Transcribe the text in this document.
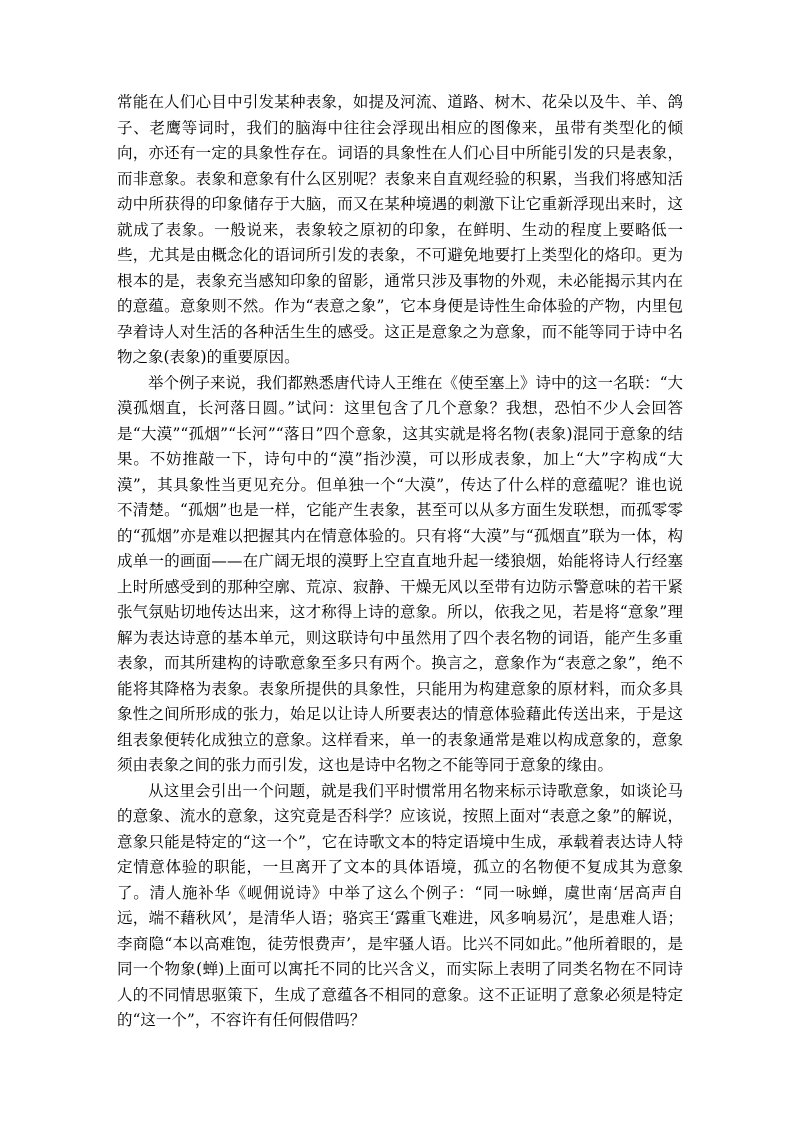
常能在人们心目中引发某种表象，如提及河流、道路、树木、花朵以及牛、羊、鸽子、老鹰等词时，我们的脑海中往往会浮现出相应的图像来，虽带有类型化的倾向，亦还有一定的具象性存在。词语的具象性在人们心目中所能引发的只是表象，而非意象。表象和意象有什么区别呢？表象来自直观经验的积累，当我们将感知活动中所获得的印象储存于大脑，而又在某种境遇的刺激下让它重新浮现出来时，这就成了表象。一般说来，表象较之原初的印象，在鲜明、生动的程度上要略低一些，尤其是由概念化的语词所引发的表象，不可避免地要打上类型化的烙印。更为根本的是，表象充当感知印象的留影，通常只涉及事物的外观，未必能揭示其内在的意蕴。意象则不然。作为“表意之象”，它本身便是诗性生命体验的产物，内里包孕着诗人对生活的各种活生生的感受。这正是意象之为意象，而不能等同于诗中名物之象(表象)的重要原因。

举个例子来说，我们都熟悉唐代诗人王维在《使至塞上》诗中的这一名联：“大漠孤烟直，长河落日圆。”试问：这里包含了几个意象？我想，恐怕不少人会回答是“大漠”“孤烟”“长河”“落日”四个意象，这其实就是将名物(表象)混同于意象的结果。不妨推敲一下，诗句中的“漠”指沙漠，可以形成表象，加上“大”字构成“大漠”，其具象性当更见充分。但单独一个“大漠”，传达了什么样的意蕴呢？谁也说不清楚。“孤烟”也是一样，它能产生表象，甚至可以从多方面生发联想，而孤零零的“孤烟”亦是难以把握其内在情意体验的。只有将“大漠”与“孤烟直”联为一体，构成单一的画面——在广阔无垠的漠野上空直直地升起一缕狼烟，始能将诗人行经塞上时所感受到的那种空廓、荒凉、寂静、干燥无风以至带有边防示警意味的若干紧张气氛贴切地传达出来，这才称得上诗的意象。所以，依我之见，若是将“意象”理解为表达诗意的基本单元，则这联诗句中虽然用了四个表名物的词语，能产生多重表象，而其所建构的诗歌意象至多只有两个。换言之，意象作为“表意之象”，绝不能将其降格为表象。表象所提供的具象性，只能用为构建意象的原材料，而众多具象性之间所形成的张力，始足以让诗人所要表达的情意体验藉此传送出来，于是这组表象便转化成独立的意象。这样看来，单一的表象通常是难以构成意象的，意象须由表象之间的张力而引发，这也是诗中名物之不能等同于意象的缘由。

从这里会引出一个问题，就是我们平时惯常用名物来标示诗歌意象，如谈论马的意象、流水的意象，这究竟是否科学？应该说，按照上面对“表意之象”的解说，意象只能是特定的“这一个”，它在诗歌文本的特定语境中生成，承载着表达诗人特定情意体验的职能，一旦离开了文本的具体语境，孤立的名物便不复成其为意象了。清人施补华《岘佣说诗》中举了这么个例子：“同一咏蝉，虞世南‘居高声自远，端不藉秋风’，是清华人语；骆宾王‘露重飞难进，风多响易沉’，是患难人语；李商隐“本以高难饱，徒劳恨费声’，是牢骚人语。比兴不同如此。”他所着眼的，是同一个物象(蝉)上面可以寓托不同的比兴含义，而实际上表明了同类名物在不同诗人的不同情思驱策下，生成了意蕴各不相同的意象。这不正证明了意象必须是特定的“这一个”，不容许有任何假借吗？
